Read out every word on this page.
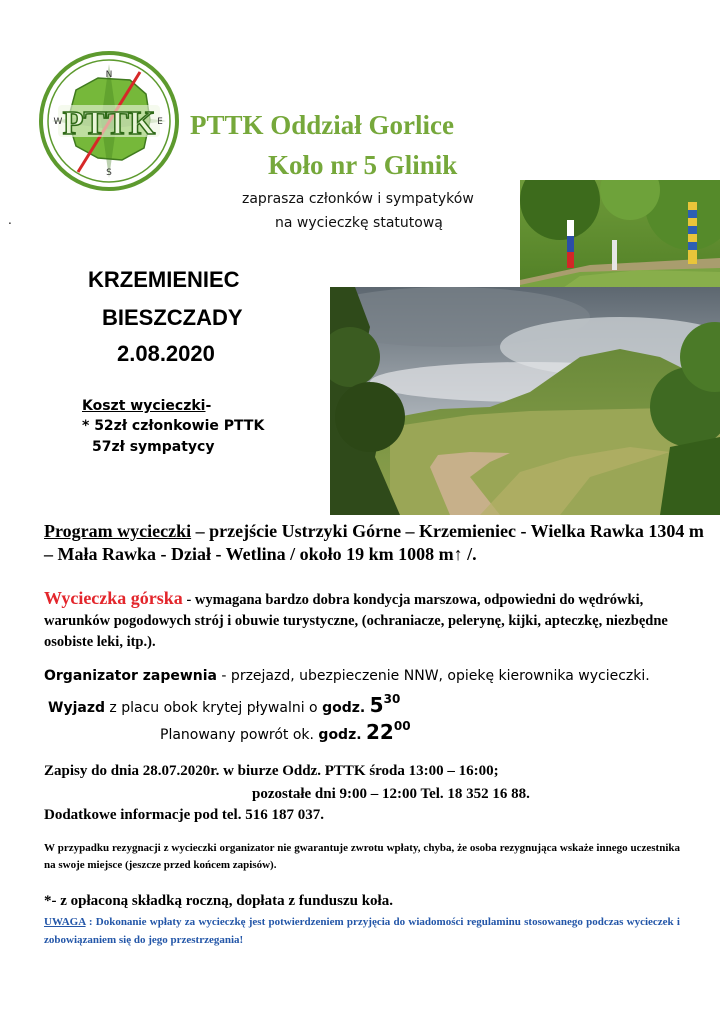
PTTK
N
S
W	E PTTK Oddział Gorlice
Koło nr 5 Glinik
zaprasza członków i sympatyków
na wycieczkę statutową
.
KRZEMIENIEC
BIESZCZADY
2.08.2020
Koszt wycieczki-
* 52zł członkowie PTTK
57zł sympatycy
Program wycieczki – przejście Ustrzyki Górne – Krzemieniec - Wielka Rawka 1304 m – Mała Rawka - Dział - Wetlina / około 19 km 1008 m↑ /.
Wycieczka górska - wymagana bardzo dobra kondycja marszowa, odpowiedni do wędrówki, warunków pogodowych strój i obuwie turystyczne, (ochraniacze, pelerynę, kijki, apteczkę, niezbędne osobiste leki, itp.).
Organizator zapewnia - przejazd, ubezpieczenie NNW, opiekę kierownika wycieczki.
Wyjazd z placu obok krytej pływalni o godz. 530
Planowany powrót ok. godz. 2200
Zapisy do dnia 28.07.2020r. w biurze Oddz. PTTK środa 13:00 – 16:00;
pozostałe dni 9:00 – 12:00 Tel. 18 352 16 88.
Dodatkowe informacje pod tel. 516 187 037.
W przypadku rezygnacji z wycieczki organizator nie gwarantuje zwrotu wpłaty, chyba, że osoba rezygnująca wskaże innego uczestnika na swoje miejsce (jeszcze przed końcem zapisów).
*- z opłaconą składką roczną, dopłata z funduszu koła.
UWAGA : Dokonanie wpłaty za wycieczkę jest potwierdzeniem przyjęcia do wiadomości regulaminu stosowanego podczas wycieczek i zobowiązaniem się do jego przestrzegania!
